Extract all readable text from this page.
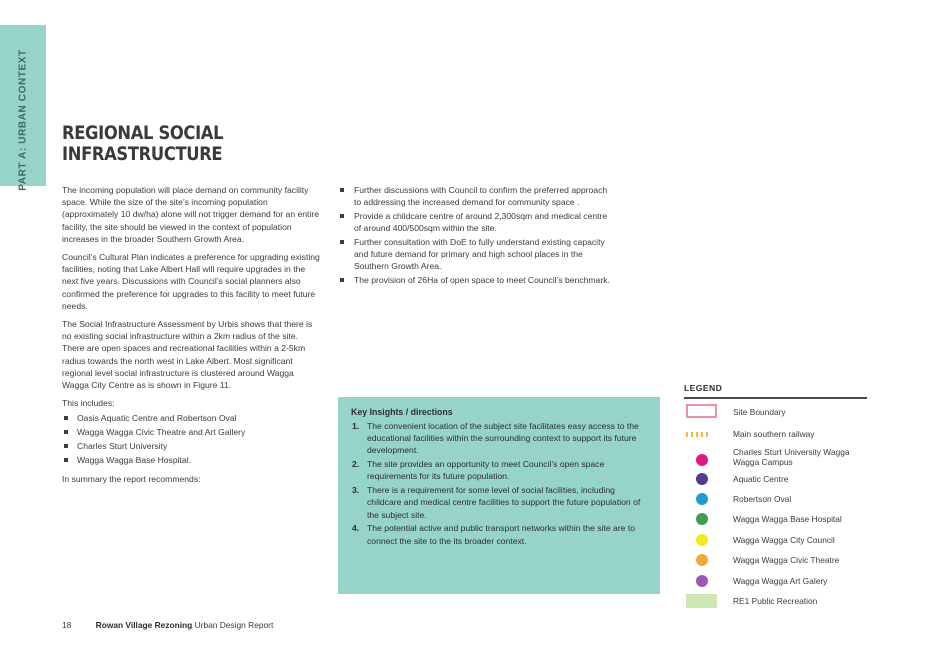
PART A: URBAN CONTEXT REGIONAL SOCIAL
INFRASTRUCTURE

The incoming population will place demand on community facility space. While the size of the site’s incoming population (approximately 10 dw/ha) alone will not trigger demand for an entire facility, the site should be viewed in the context of population increases in the broader Southern Growth Area.

Council’s Cultural Plan indicates a preference for upgrading existing facilities, noting that Lake Albert Hall will require upgrades in the next five years. Discussions with Council’s social planners also confirmed the preference for upgrades to this facility to meet future needs.

The Social Infrastructure Assessment by Urbis shows that there is no existing social infrastructure within a 2km radius of the site. There are open spaces and recreational facilities within a 2-5km radius towards the north west in Lake Albert. Most significant regional level social infrastructure is clustered around Wagga Wagga City Centre as is shown in Figure 11.

This includes:

Oasis Aquatic Centre and Robertson Oval
Wagga Wagga Civic Theatre and Art Gallery
Charles Sturt University
Wagga Wagga Base Hospital.

In summary the report recommends:

Further discussions with Council to confirm the preferred approach to addressing the increased demand for community space .
Provide a childcare centre of around 2,300sqm and medical centre of around 400/500sqm within the site.
Further consultation with DoE to fully understand existing capacity and future demand for primary and high school places in the Southern Growth Area.
The provision of 26Ha of open space to meet Council’s benchmark.
Key Insights / directions
1. The convenient location of the subject site facilitates easy access to the educational facilities within the surrounding context to support its future development.
2. The site provides an opportunity to meet Council’s open space requirements for its future population.
3. There is a requirement for some level of social facilities, including childcare and medical centre facilities to support the future population of the subject site.
4. The potential active and public transport networks within the site are to connect the site to the its broader context.
LEGEND
Site Boundary
Main southern railway
Charles Sturt University Wagga Wagga Campus
Aquatic Centre
Robertson Oval
Wagga Wagga Base Hospital
Wagga Wagga City Council
Wagga Wagga Civic Theatre
Wagga Wagga Art Galery
RE1 Public Recreation
18	Rowan Village Rezoning Urban Design Report
